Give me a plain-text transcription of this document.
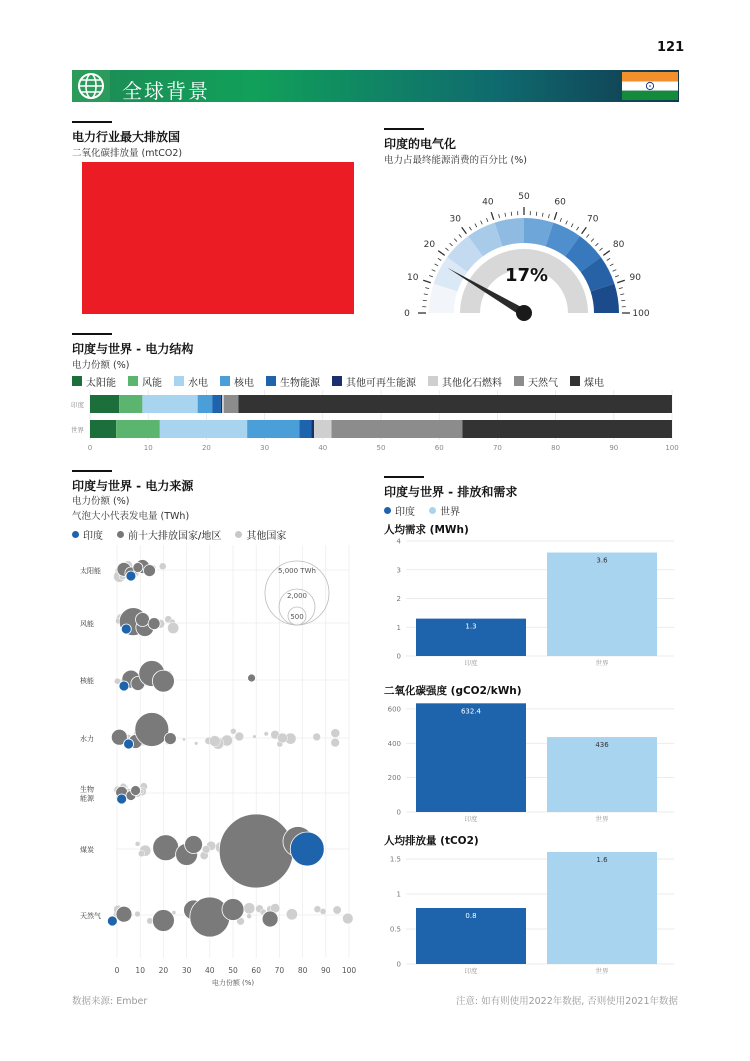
121
全球背景
电力行业最大排放国
二氧化碳排放量 (mtCO2)
印度的电气化
电力占最终能源消费的百分比 (%)
0
10
20
30
40
50
60
70
80
90
100
17%
印度与世界 - 电力结构
电力份额 (%)
太阳能	风能	水电	核电	生物能源	其他可再生能源	其他化石燃料	天然气	煤电
0	10	20	30	40	50	60	70	80	90	100
印度
世界
印度与世界 - 电力来源
电力份额 (%)
气泡大小代表发电量 (TWh)
印度	前十大排放国家/地区	其他国家
0 10 20 30 40 50 60 70 80 90 100
电力份额 (%)
太阳能
风能
核能
水力
生物
能源
煤炭
天然气
5,000 TWh
2,000
500
印度与世界 - 排放和需求
印度	世界
人均需求 (MWh)
0
1
2
3
4
1.3
印度
3.6
世界
二氧化碳强度 (gCO2/kWh)
0
200
400
600	632.4
印度
436
世界
人均排放量 (tCO2)
0
0.5
1
1.5
0.8
印度
1.6
世界
数据来源: Ember	注意: 如有则使用2022年数据, 否则使用2021年数据
